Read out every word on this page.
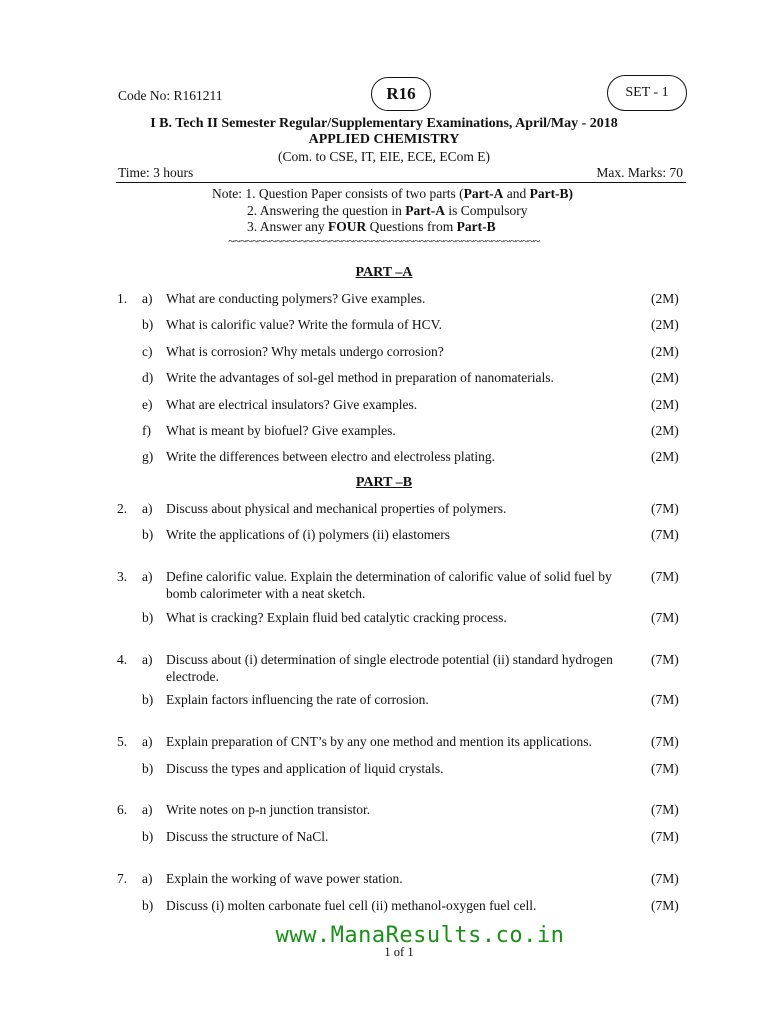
Code No: R161211	R16	SET - 1
I B. Tech II Semester Regular/Supplementary Examinations, April/May - 2018
APPLIED CHEMISTRY
(Com. to CSE, IT, EIE, ECE, ECom E)
Time: 3 hours	Max. Marks: 70
Note: 1. Question Paper consists of two parts (Part-A and Part-B)
2. Answering the question in Part-A is Compulsory
3. Answer any FOUR Questions from Part-B
~~~~~~~~~~~~~~~~~~~~~~~~~~~~~~~~~~~~~~~~~~~~~~~~~~~~
PART –A
1. a) What are conducting polymers? Give examples.	(2M)
b) What is calorific value? Write the formula of HCV.	(2M)
c) What is corrosion? Why metals undergo corrosion?	(2M)
d) Write the advantages of sol-gel method in preparation of nanomaterials.	(2M)
e) What are electrical insulators? Give examples.	(2M)
f) What is meant by biofuel? Give examples.	(2M)
g) Write the differences between electro and electroless plating.	(2M)
PART –B
2. a) Discuss about physical and mechanical properties of polymers.	(7M)
b) Write the applications of (i) polymers (ii) elastomers	(7M)
3. a) Define calorific value. Explain the determination of calorific value of solid fuel by bomb calorimeter with a neat sketch.
(7M)
b) What is cracking? Explain fluid bed catalytic cracking process.	(7M)
4. a) Discuss about (i) determination of single electrode potential (ii) standard hydrogen electrode.
(7M)
b) Explain factors influencing the rate of corrosion.	(7M)
5. a) Explain preparation of CNT’s by any one method and mention its applications.	(7M)
b) Discuss the types and application of liquid crystals.	(7M)
6. a) Write notes on p-n junction transistor.	(7M)
b) Discuss the structure of NaCl.	(7M)
7. a) Explain the working of wave power station.	(7M)
b) Discuss (i) molten carbonate fuel cell (ii) methanol-oxygen fuel cell.	(7M)
www.ManaResults.co.in
1 of 1
